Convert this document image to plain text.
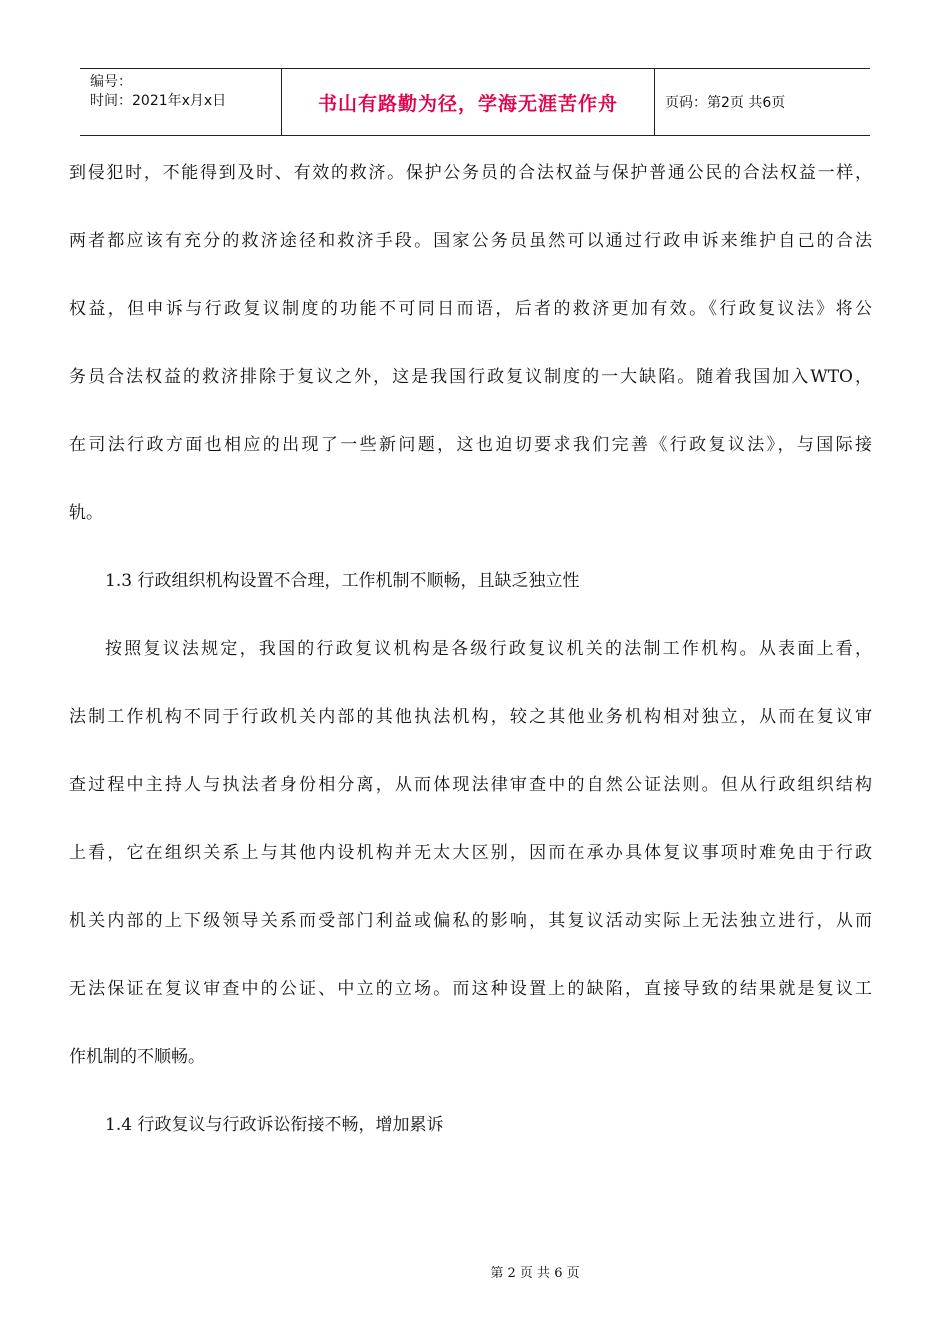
编号：
时间：2021年x月x日	书山有路勤为径，学海无涯苦作舟	页码：第2页 共6页
到侵犯时，不能得到及时、有效的救济。保护公务员的合法权益与保护普通公民的合法权益一样，
两者都应该有充分的救济途径和救济手段。国家公务员虽然可以通过行政申诉来维护自己的合法
权益，但申诉与行政复议制度的功能不可同日而语，后者的救济更加有效。《行政复议法》将公
务员合法权益的救济排除于复议之外，这是我国行政复议制度的一大缺陷。随着我国加入WTO，
在司法行政方面也相应的出现了一些新问题，这也迫切要求我们完善《行政复议法》，与国际接
轨。
1.3 行政组织机构设置不合理，工作机制不顺畅，且缺乏独立性
按照复议法规定，我国的行政复议机构是各级行政复议机关的法制工作机构。从表面上看，
法制工作机构不同于行政机关内部的其他执法机构，较之其他业务机构相对独立，从而在复议审
查过程中主持人与执法者身份相分离，从而体现法律审查中的自然公证法则。但从行政组织结构
上看，它在组织关系上与其他内设机构并无太大区别，因而在承办具体复议事项时难免由于行政
机关内部的上下级领导关系而受部门利益或偏私的影响，其复议活动实际上无法独立进行，从而
无法保证在复议审查中的公证、中立的立场。而这种设置上的缺陷，直接导致的结果就是复议工
作机制的不顺畅。
1.4 行政复议与行政诉讼衔接不畅，增加累诉
第 2 页 共 6 页
